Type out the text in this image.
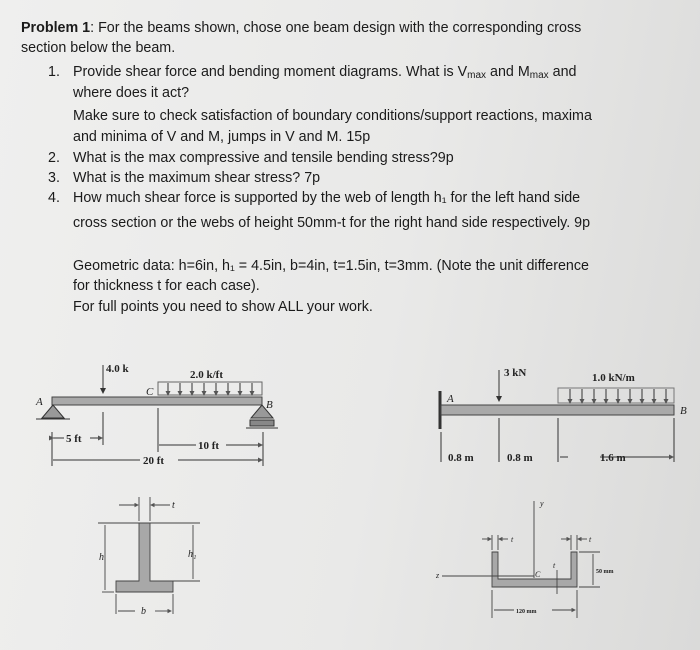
Problem 1: For the beams shown, chose one beam design with the corresponding cross
section below the beam.
1. Provide shear force and bending moment diagrams. What is $V_{max}$ and $M_{max}$ and
where does it act?
Make sure to check satisfaction of boundary conditions/support reactions, maxima
and minima of V and M, jumps in V and M. 15p
2. What is the max compressive and tensile bending stress?9p
3. What is the maximum shear stress? 7p
4. How much shear force is supported by the web of length h₁ for the left hand side
cross section or the webs of height 50mm-t for the right hand side respectively. 9p
Geometric data: h=6in, h₁ = 4.5in, b=4in, t=1.5in, t=3mm. (Note the unit difference
for thickness t for each case).
For full points you need to show ALL your work.
4.0 k	2.0 k/ft
A
C
B
5 ft
10 ft
20 ft
3 kN	1.0 kN/m
A
B
0.8 m	0.8 m	1.6 m
t
h	h₁
b
y
z	C
t	t
t
50 mm
120 mm
